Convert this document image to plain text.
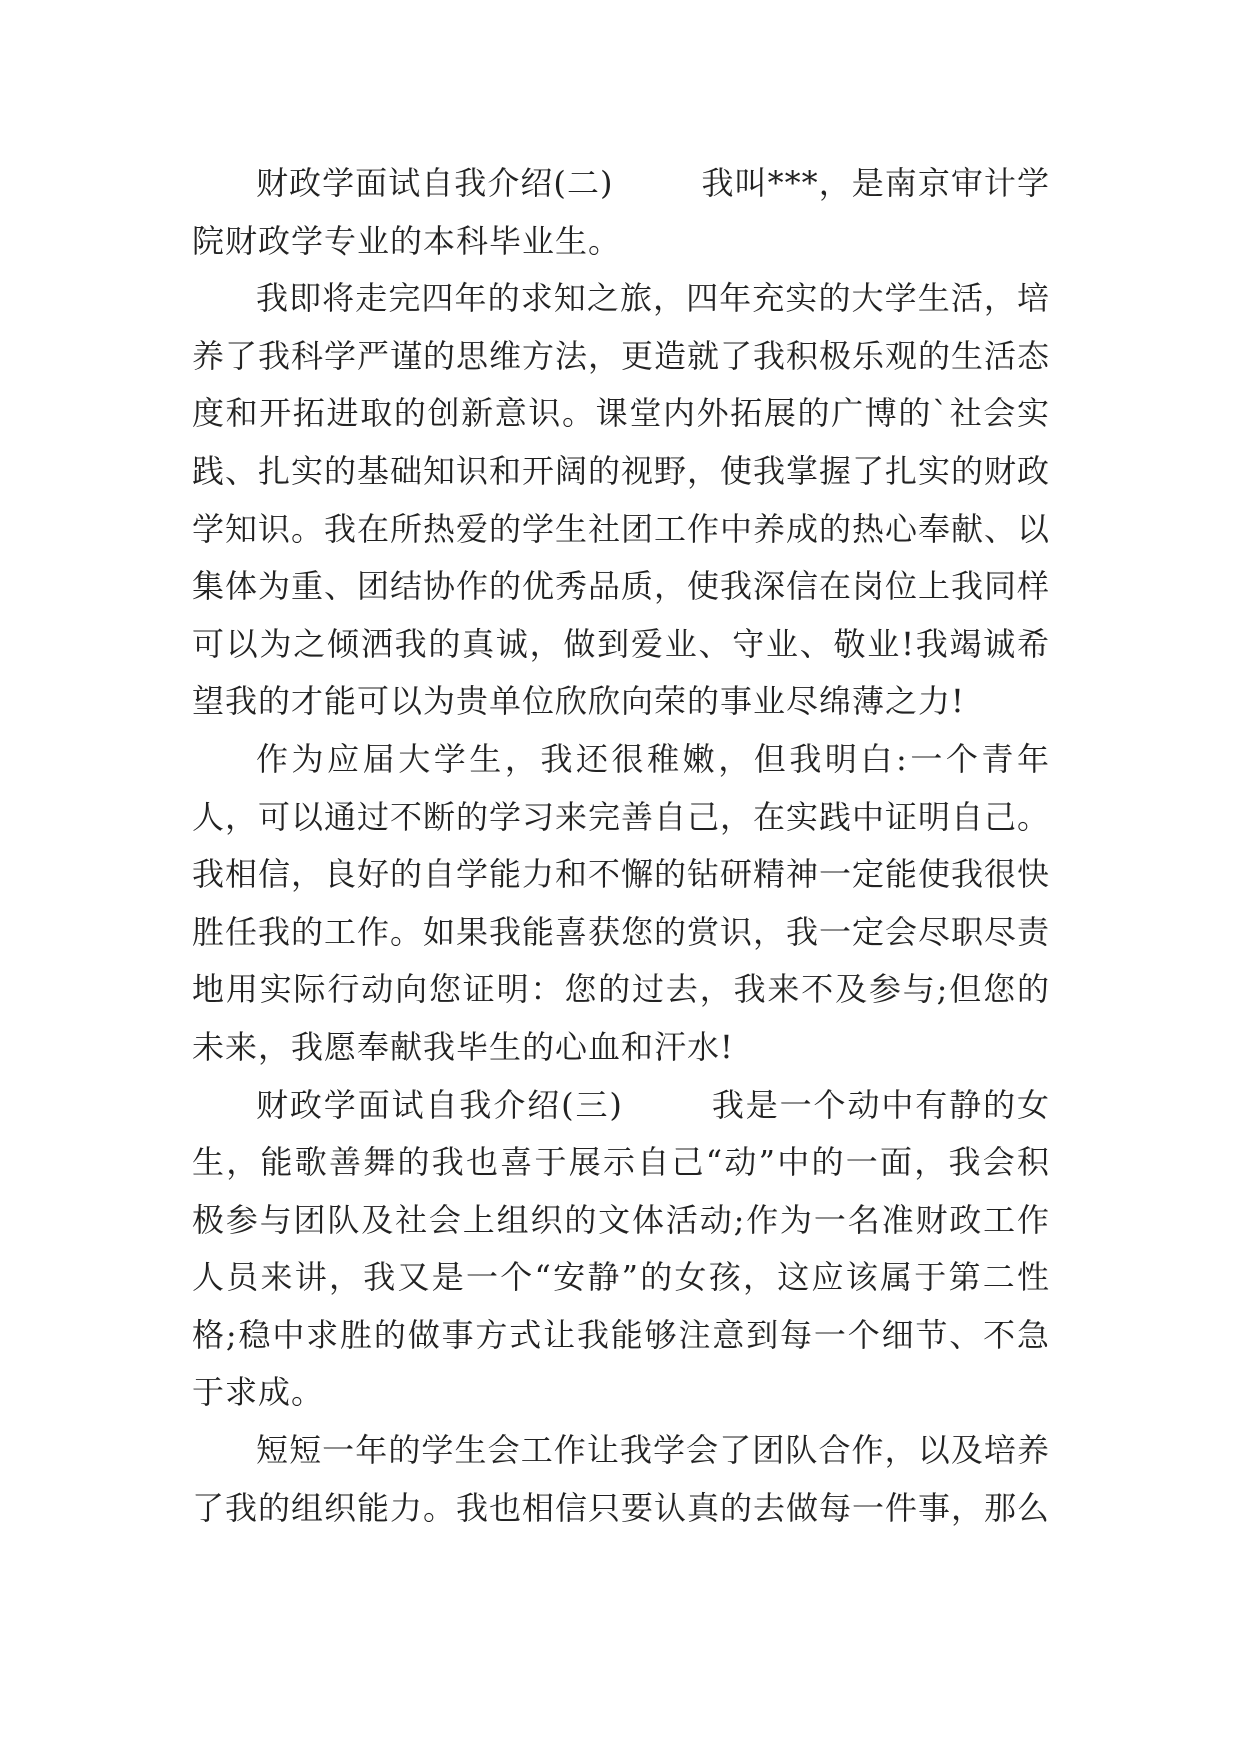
财政学面试自我介绍(二)	我叫***，是南京审计学院财政学专业的本科毕业生。

我即将走完四年的求知之旅，四年充实的大学生活，培养了我科学严谨的思维方法，更造就了我积极乐观的生活态度和开拓进取的创新意识。课堂内外拓展的广博的`社会实践、扎实的基础知识和开阔的视野，使我掌握了扎实的财政学知识。我在所热爱的学生社团工作中养成的热心奉献、以集体为重、团结协作的优秀品质，使我深信在岗位上我同样可以为之倾洒我的真诚，做到爱业、守业、敬业!我竭诚希望我的才能可以为贵单位欣欣向荣的事业尽绵薄之力!

作为应届大学生，我还很稚嫩，但我明白:一个青年人，可以通过不断的学习来完善自己，在实践中证明自己。我相信，良好的自学能力和不懈的钻研精神一定能使我很快胜任我的工作。如果我能喜获您的赏识，我一定会尽职尽责地用实际行动向您证明：您的过去，我来不及参与;但您的未来，我愿奉献我毕生的心血和汗水!

财政学面试自我介绍(三)	我是一个动中有静的女生，能歌善舞的我也喜于展示自己“动”中的一面，我会积极参与团队及社会上组织的文体活动;作为一名准财政工作人员来讲，我又是一个“安静”的女孩，这应该属于第二性格;稳中求胜的做事方式让我能够注意到每一个细节、不急于求成。

短短一年的学生会工作让我学会了团队合作，以及培养了我的组织能力。我也相信只要认真的去做每一件事，那么
